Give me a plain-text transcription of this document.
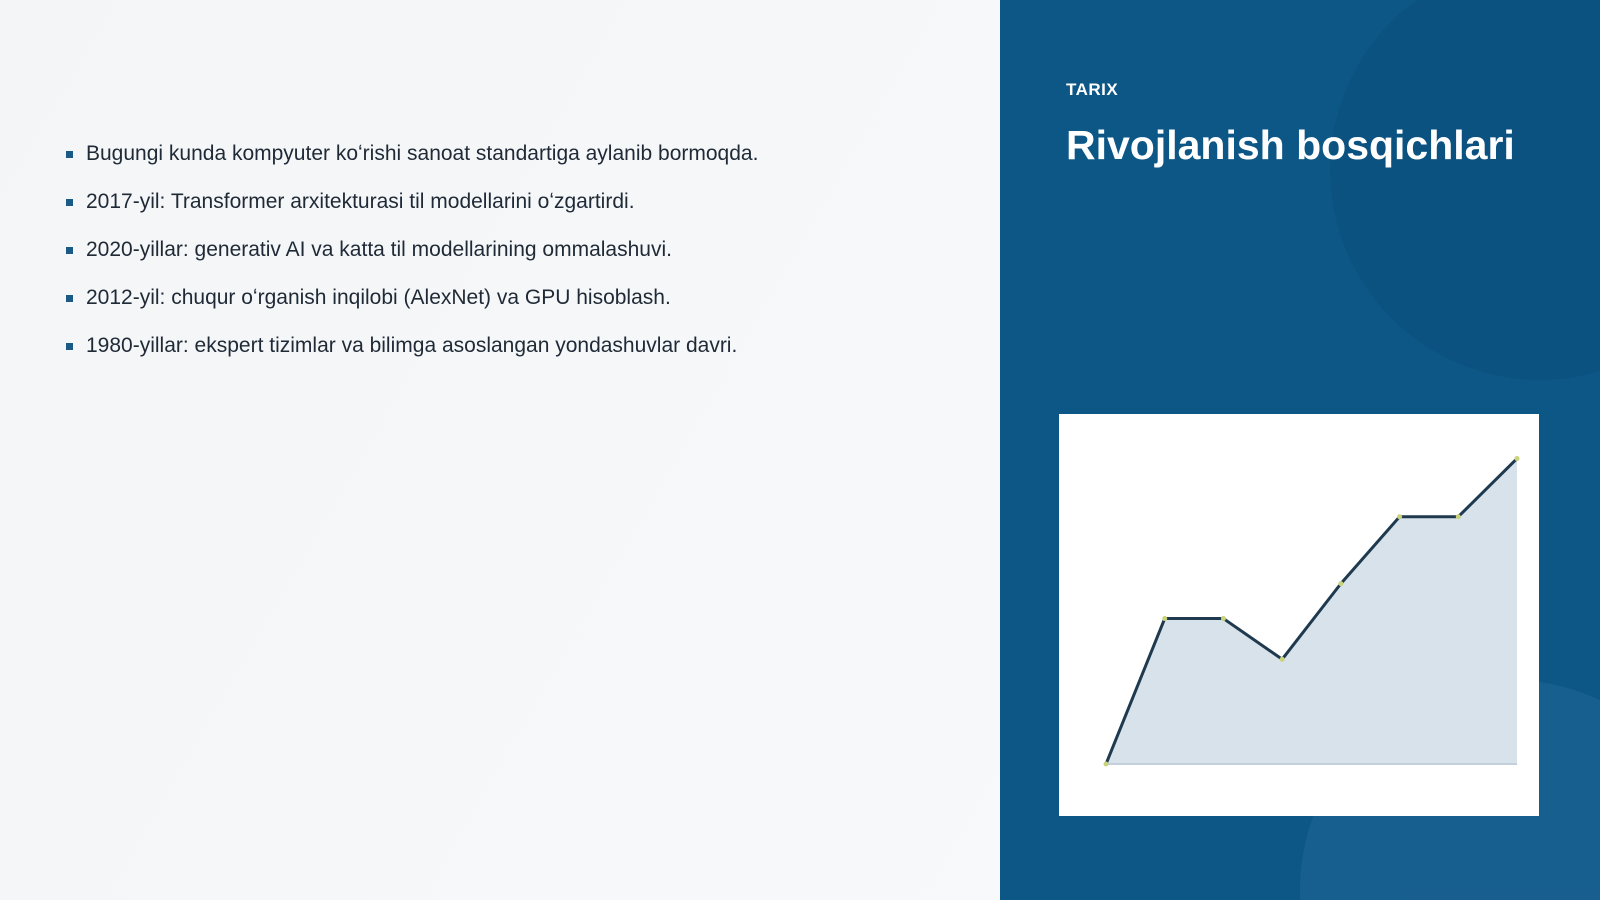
Bugungi kunda kompyuter koʻrishi sanoat standartiga aylanib bormoqda.
2017-yil: Transformer arxitekturasi til modellarini oʻzgartirdi.
2020-yillar: generativ AI va katta til modellarining ommalashuvi.
2012-yil: chuqur oʻrganish inqilobi (AlexNet) va GPU hisoblash.
1980-yillar: ekspert tizimlar va bilimga asoslangan yondashuvlar davri.
TARIX
Rivojlanish bosqichlari
